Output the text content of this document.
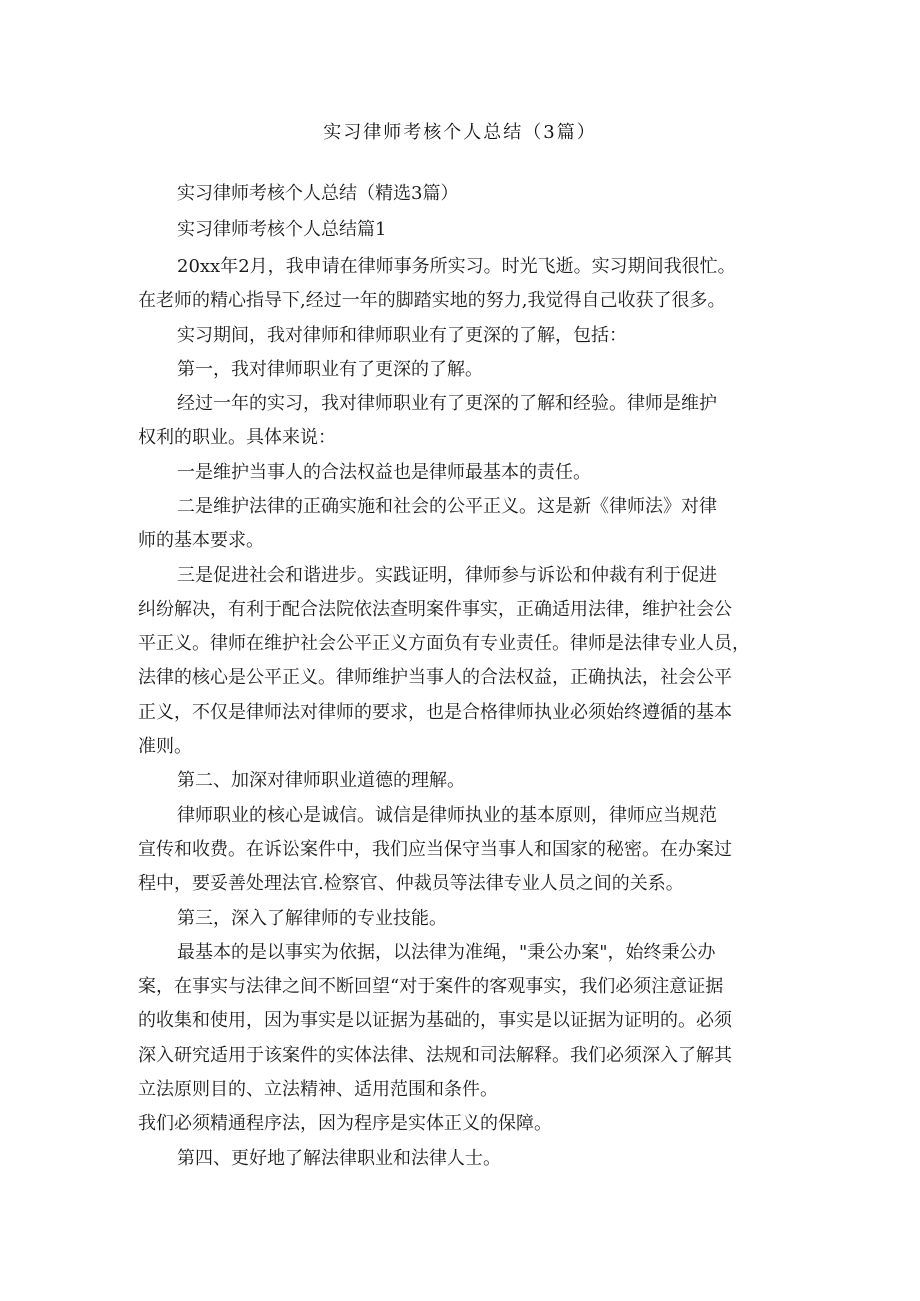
实习律师考核个人总结（3篇）
实习律师考核个人总结（精选3篇）
实习律师考核个人总结篇1
20xx年2月，我申请在律师事务所实习。时光飞逝。实习期间我很忙。
在老师的精心指导下,经过一年的脚踏实地的努力,我觉得自己收获了很多。
实习期间，我对律师和律师职业有了更深的了解，包括：
第一，我对律师职业有了更深的了解。
经过一年的实习，我对律师职业有了更深的了解和经验。律师是维护
权利的职业。具体来说：
一是维护当事人的合法权益也是律师最基本的责任。
二是维护法律的正确实施和社会的公平正义。这是新《律师法》对律
师的基本要求。
三是促进社会和谐进步。实践证明，律师参与诉讼和仲裁有利于促进
纠纷解决，有利于配合法院依法查明案件事实，正确适用法律，维护社会公
平正义。律师在维护社会公平正义方面负有专业责任。律师是法律专业人员，
法律的核心是公平正义。律师维护当事人的合法权益，正确执法，社会公平
正义，不仅是律师法对律师的要求，也是合格律师执业必须始终遵循的基本
准则。
第二、加深对律师职业道德的理解。
律师职业的核心是诚信。诚信是律师执业的基本原则，律师应当规范
宣传和收费。在诉讼案件中，我们应当保守当事人和国家的秘密。在办案过
程中，要妥善处理法官.检察官、仲裁员等法律专业人员之间的关系。
第三，深入了解律师的专业技能。
最基本的是以事实为依据，以法律为准绳，"秉公办案"，始终秉公办
案，在事实与法律之间不断回望“对于案件的客观事实，我们必须注意证据
的收集和使用，因为事实是以证据为基础的，事实是以证据为证明的。必须
深入研究适用于该案件的实体法律、法规和司法解释。我们必须深入了解其
立法原则目的、立法精神、适用范围和条件。
我们必须精通程序法，因为程序是实体正义的保障。
第四、更好地了解法律职业和法律人士。
